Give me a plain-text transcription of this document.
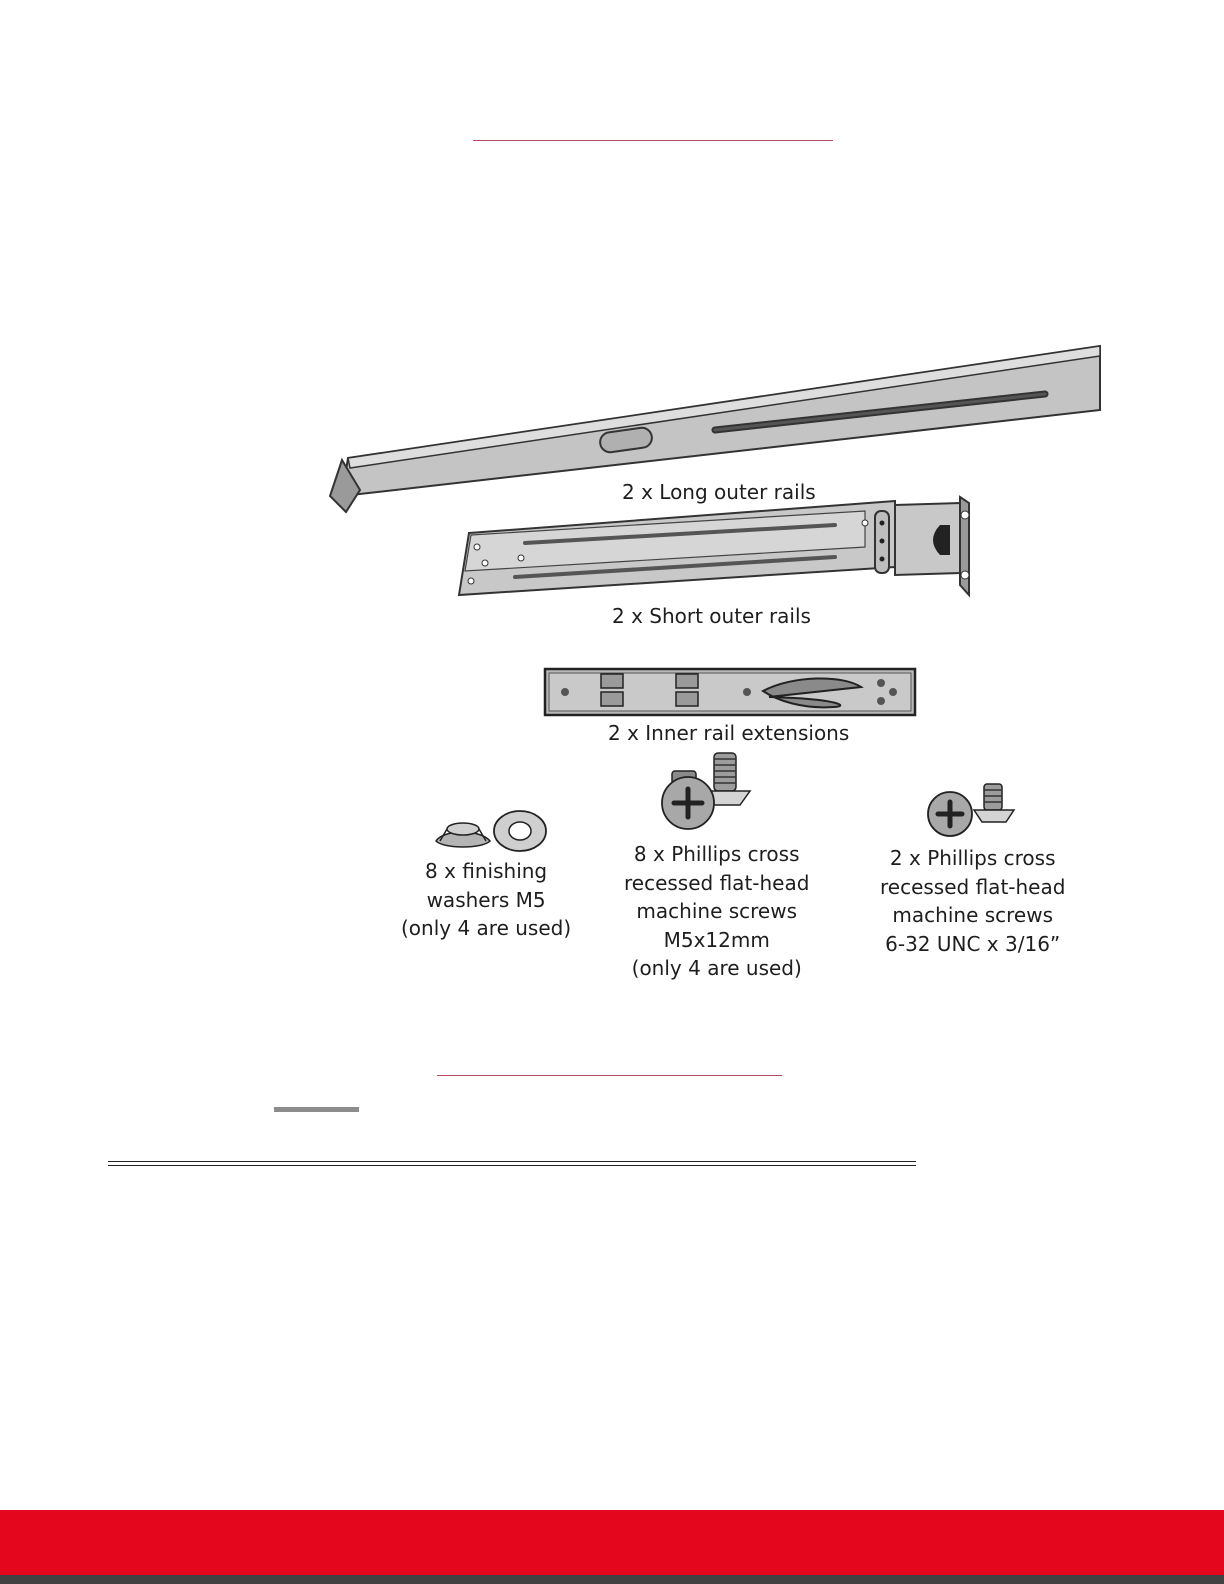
2 x Long outer rails
2 x Short outer rails
2 x Inner rail extensions
8 x finishing
washers M5
(only 4 are used)
8 x Phillips cross
recessed flat-head
machine screws
M5x12mm
(only 4 are used)
2 x Phillips cross
recessed flat-head
machine screws
6-32 UNC x 3/16”
